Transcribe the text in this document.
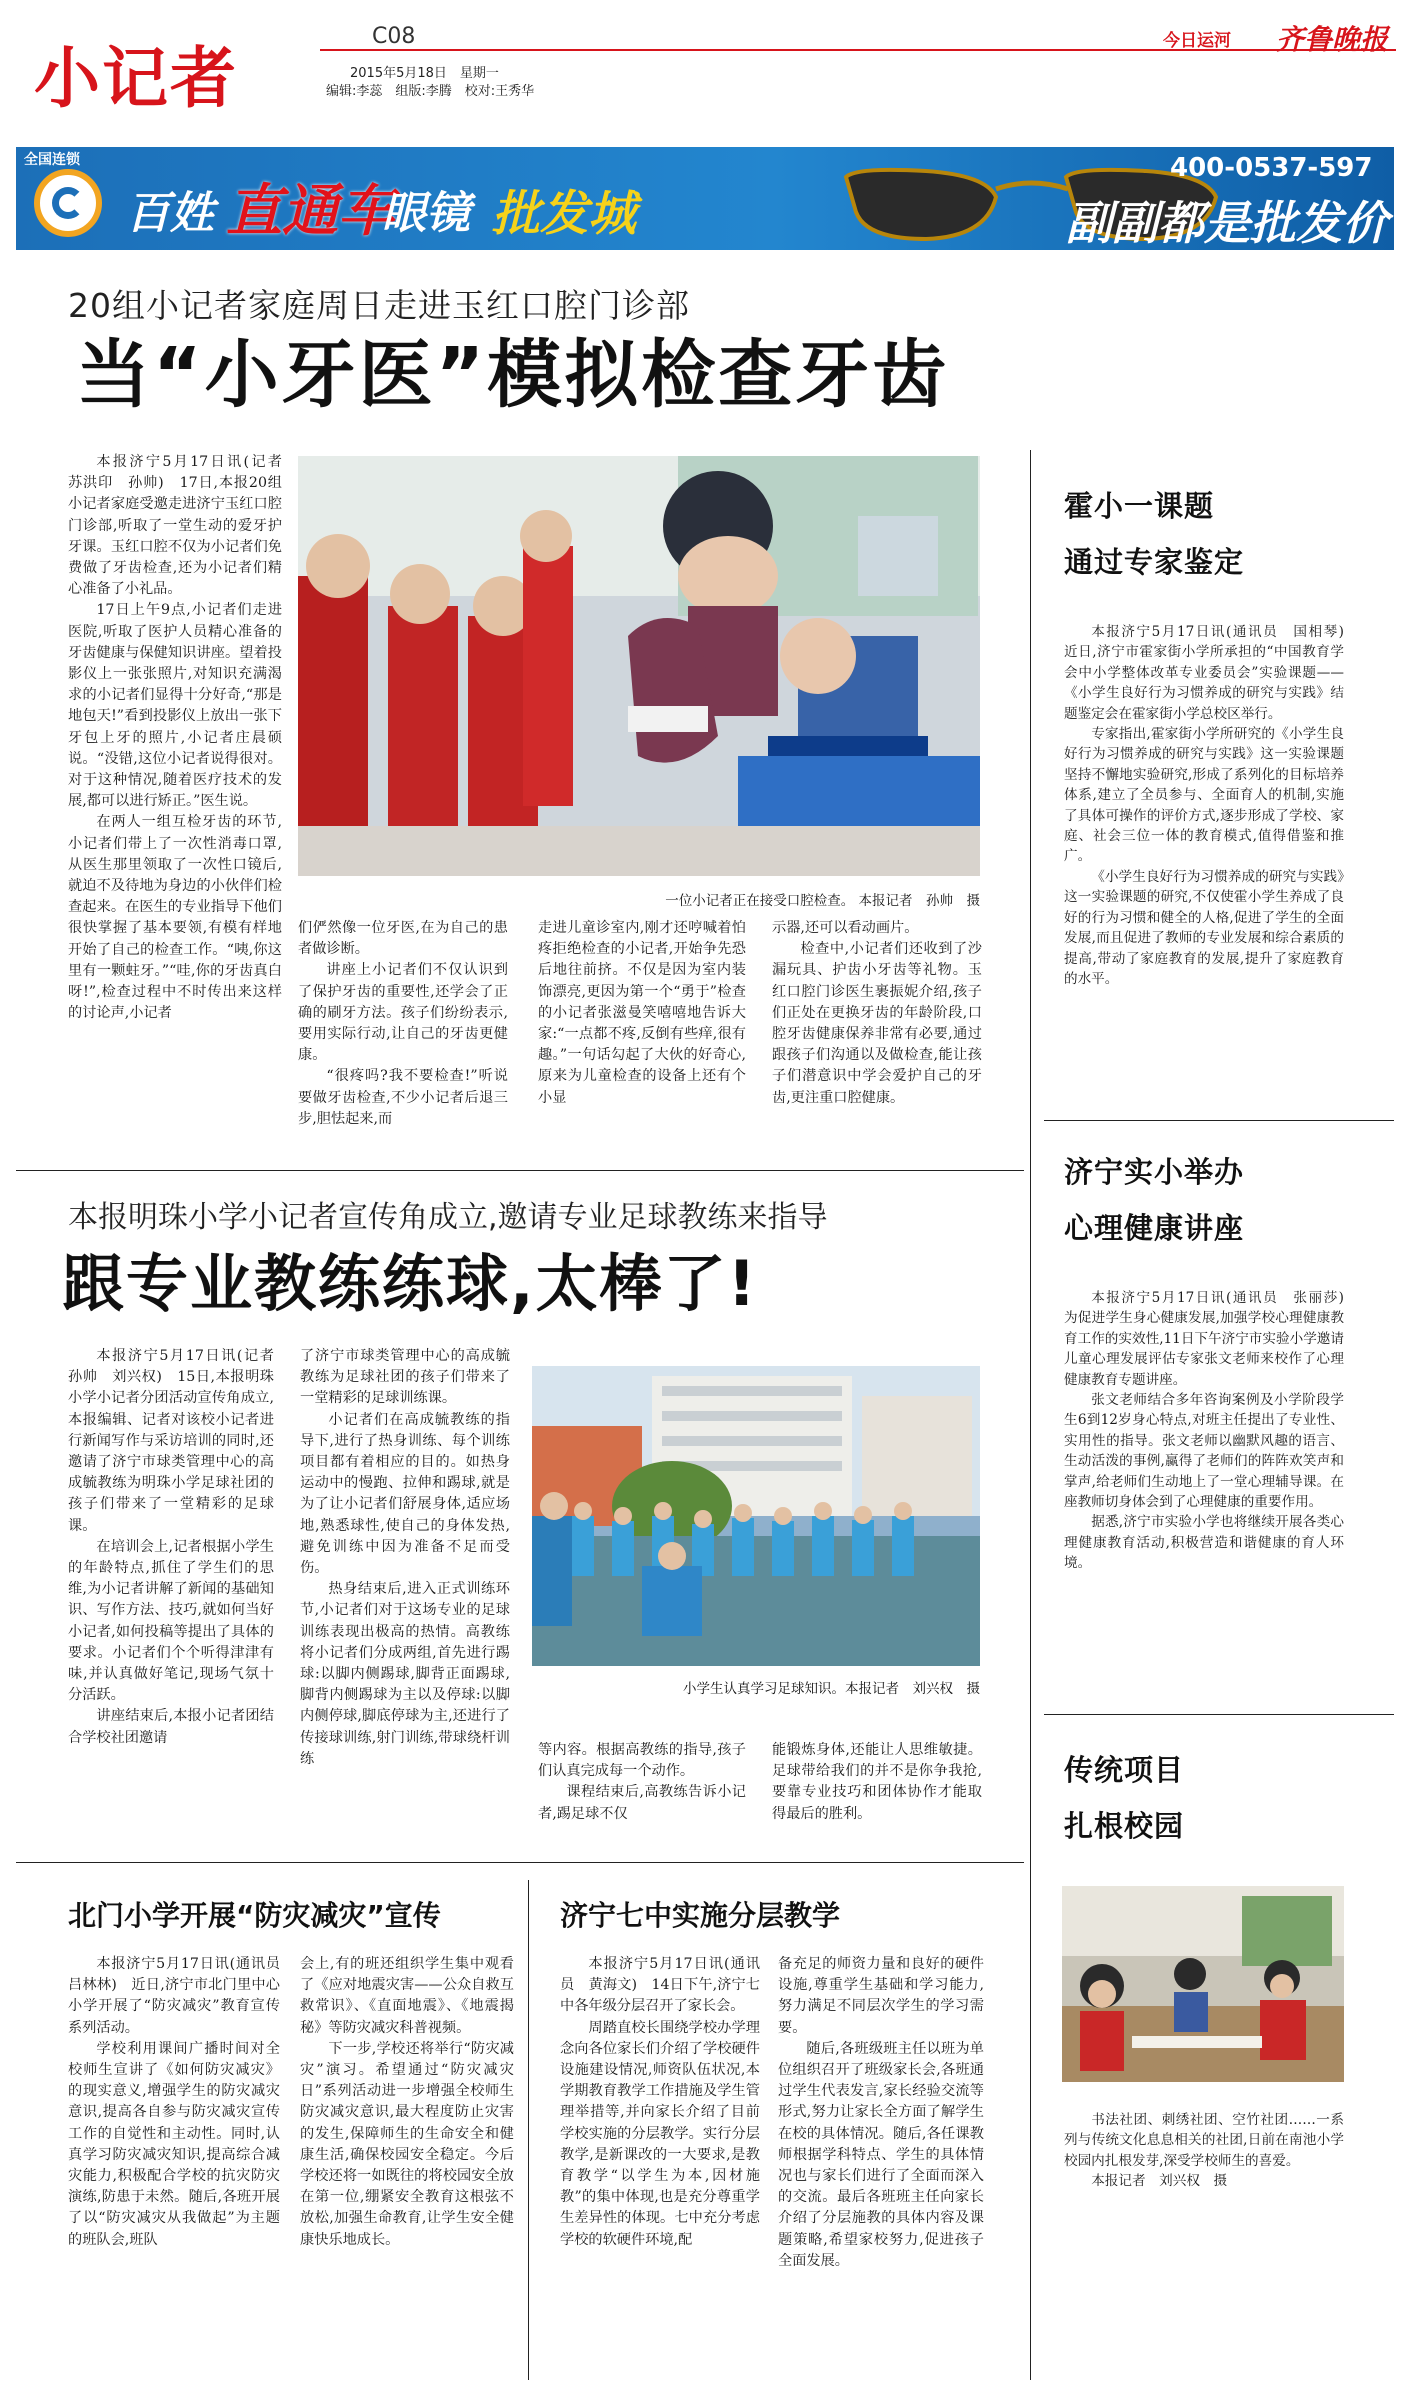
小记者
C08
2015年5月18日　星期一
编辑:李蕊　组版:李腾　校对:王秀华
今日运河 齐鲁晚报
全国连锁
百姓 直通车
眼镜 批发城
400-0537-597
副副都是批发价
20组小记者家庭周日走进玉红口腔门诊部
当“小牙医”模拟检查牙齿

本报济宁5月17日讯(记者　苏洪印　孙帅)　17日,本报20组小记者家庭受邀走进济宁玉红口腔门诊部,听取了一堂生动的爱牙护牙课。玉红口腔不仅为小记者们免费做了牙齿检查,还为小记者们精心准备了小礼品。

17日上午9点,小记者们走进医院,听取了医护人员精心准备的牙齿健康与保健知识讲座。望着投影仪上一张张照片,对知识充满渴求的小记者们显得十分好奇,“那是地包天!”看到投影仪上放出一张下牙包上牙的照片,小记者庄晨硕说。“没错,这位小记者说得很对。对于这种情况,随着医疗技术的发展,都可以进行矫正。”医生说。

在两人一组互检牙齿的环节,小记者们带上了一次性消毒口罩,从医生那里领取了一次性口镜后,就迫不及待地为身边的小伙伴们检查起来。在医生的专业指导下他们很快掌握了基本要领,有模有样地开始了自己的检查工作。“咦,你这里有一颗蛀牙。”“哇,你的牙齿真白呀!”,检查过程中不时传出来这样的讨论声,小记者

一位小记者正在接受口腔检查。 本报记者　孙帅　摄

们俨然像一位牙医,在为自己的患者做诊断。

讲座上小记者们不仅认识到了保护牙齿的重要性,还学会了正确的刷牙方法。孩子们纷纷表示,要用实际行动,让自己的牙齿更健康。

“很疼吗?我不要检查!”听说要做牙齿检查,不少小记者后退三步,胆怯起来,而

走进儿童诊室内,刚才还哼喊着怕疼拒绝检查的小记者,开始争先恐后地往前挤。不仅是因为室内装饰漂亮,更因为第一个“勇于”检查的小记者张滋曼笑嘻嘻地告诉大家:“一点都不疼,反倒有些痒,很有趣。”一句话勾起了大伙的好奇心,原来为儿童检查的设备上还有个小显

示器,还可以看动画片。

检查中,小记者们还收到了沙漏玩具、护齿小牙齿等礼物。玉红口腔门诊医生裹振妮介绍,孩子们正处在更换牙齿的年龄阶段,口腔牙齿健康保养非常有必要,通过跟孩子们沟通以及做检查,能让孩子们潜意识中学会爱护自己的牙齿,更注重口腔健康。

本报明珠小学小记者宣传角成立,邀请专业足球教练来指导
跟专业教练练球,太棒了!

本报济宁5月17日讯(记者　孙帅　刘兴权)　15日,本报明珠小学小记者分团活动宣传角成立,本报编辑、记者对该校小记者进行新闻写作与采访培训的同时,还邀请了济宁市球类管理中心的高成毓教练为明珠小学足球社团的孩子们带来了一堂精彩的足球课。

在培训会上,记者根据小学生的年龄特点,抓住了学生们的思维,为小记者讲解了新闻的基础知识、写作方法、技巧,就如何当好小记者,如何投稿等提出了具体的要求。小记者们个个听得津津有味,并认真做好笔记,现场气氛十分活跃。

讲座结束后,本报小记者团结合学校社团邀请

了济宁市球类管理中心的高成毓教练为足球社团的孩子们带来了一堂精彩的足球训练课。

小记者们在高成毓教练的指导下,进行了热身训练、每个训练项目都有着相应的目的。如热身运动中的慢跑、拉伸和踢球,就是为了让小记者们舒展身体,适应场地,熟悉球性,使自己的身体发热,避免训练中因为准备不足而受伤。

热身结束后,进入正式训练环节,小记者们对于这场专业的足球训练表现出极高的热情。高教练将小记者们分成两组,首先进行踢球:以脚内侧踢球,脚背正面踢球,脚背内侧踢球为主以及停球:以脚内侧停球,脚底停球为主,还进行了传接球训练,射门训练,带球绕杆训练

小学生认真学习足球知识。本报记者　刘兴权　摄

等内容。根据高教练的指导,孩子们认真完成每一个动作。

课程结束后,高教练告诉小记者,踢足球不仅

能锻炼身体,还能让人思维敏捷。足球带给我们的并不是你争我抢,要靠专业技巧和团体协作才能取得最后的胜利。

北门小学开展“防灾减灾”宣传

本报济宁5月17日讯(通讯员　吕林林)　近日,济宁市北门里中心小学开展了“防灾减灾”教育宣传系列活动。

学校利用课间广播时间对全校师生宣讲了《如何防灾减灾》的现实意义,增强学生的防灾减灾意识,提高各自参与防灾减灾宣传工作的自觉性和主动性。同时,认真学习防灾减灾知识,提高综合减灾能力,积极配合学校的抗灾防灾演练,防患于未然。随后,各班开展了以“防灾减灾从我做起”为主题的班队会,班队

会上,有的班还组织学生集中观看了《应对地震灾害——公众自救互救常识》、《直面地震》、《地震揭秘》等防灾减灾科普视频。

下一步,学校还将举行“防灾减灾”演习。希望通过“防灾减灾日”系列活动进一步增强全校师生防灾减灾意识,最大程度防止灾害的发生,保障师生的生命安全和健康生活,确保校园安全稳定。今后学校还将一如既往的将校园安全放在第一位,绷紧安全教育这根弦不放松,加强生命教育,让学生安全健康快乐地成长。

济宁七中实施分层教学

本报济宁5月17日讯(通讯员　黄海文)　14日下午,济宁七中各年级分层召开了家长会。

周踏直校长围绕学校办学理念向各位家长们介绍了学校硬件设施建设情况,师资队伍状况,本学期教育教学工作措施及学生管理举措等,并向家长介绍了目前学校实施的分层教学。实行分层教学,是新课改的一大要求,是教育教学“以学生为本,因材施教”的集中体现,也是充分尊重学生差异性的体现。七中充分考虑学校的软硬件环境,配

备充足的师资力量和良好的硬件设施,尊重学生基础和学习能力,努力满足不同层次学生的学习需要。

随后,各班级班主任以班为单位组织召开了班级家长会,各班通过学生代表发言,家长经验交流等形式,努力让家长全方面了解学生在校的具体情况。随后,各任课教师根据学科特点、学生的具体情况也与家长们进行了全面而深入的交流。最后各班班主任向家长介绍了分层施教的具体内容及课题策略,希望家校努力,促进孩子全面发展。

霍小一课题
通过专家鉴定

本报济宁5月17日讯(通讯员　国相琴)　近日,济宁市霍家街小学所承担的“中国教育学会中小学整体改革专业委员会”实验课题——《小学生良好行为习惯养成的研究与实践》结题鉴定会在霍家街小学总校区举行。

专家指出,霍家街小学所研究的《小学生良好行为习惯养成的研究与实践》这一实验课题坚持不懈地实验研究,形成了系列化的目标培养体系,建立了全员参与、全面育人的机制,实施了具体可操作的评价方式,逐步形成了学校、家庭、社会三位一体的教育模式,值得借鉴和推广。

《小学生良好行为习惯养成的研究与实践》这一实验课题的研究,不仅使霍小学生养成了良好的行为习惯和健全的人格,促进了学生的全面发展,而且促进了教师的专业发展和综合素质的提高,带动了家庭教育的发展,提升了家庭教育的水平。

济宁实小举办
心理健康讲座

本报济宁5月17日讯(通讯员　张丽莎)　为促进学生身心健康发展,加强学校心理健康教育工作的实效性,11日下午济宁市实验小学邀请儿童心理发展评估专家张文老师来校作了心理健康教育专题讲座。

张文老师结合多年咨询案例及小学阶段学生6到12岁身心特点,对班主任提出了专业性、实用性的指导。张文老师以幽默风趣的语言、生动活泼的事例,赢得了老师们的阵阵欢笑声和掌声,给老师们生动地上了一堂心理辅导课。在座教师切身体会到了心理健康的重要作用。

据悉,济宁市实验小学也将继续开展各类心理健康教育活动,积极营造和谐健康的育人环境。

传统项目
扎根校园

书法社团、刺绣社团、空竹社团……一系列与传统文化息息相关的社团,日前在南池小学校园内扎根发芽,深受学校师生的喜爱。

本报记者　刘兴权　摄
